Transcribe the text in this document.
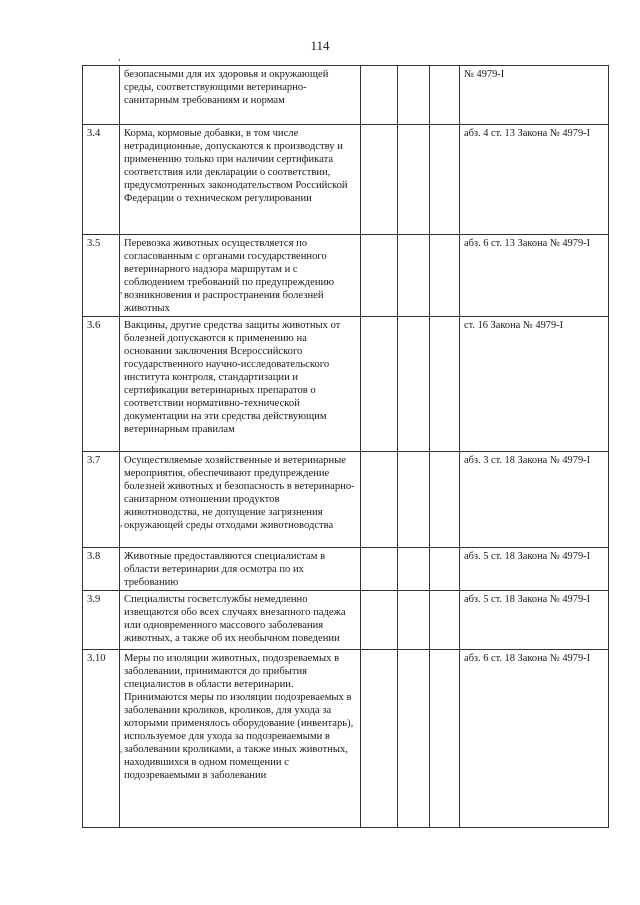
114
,
,
,
,

	безопасными для их здоровья и окружающей среды, соответствующими ветеринарно-санитарным требованиям и нормам				№ 4979-I
3.4	Корма, кормовые добавки, в том числе нетрадиционные, допускаются к производству и применению только при наличии сертификата соответствия или декларации о соответствии, предусмотренных законодательством Российской Федерации о техническом регулировании				абз. 4 ст. 13 Закона № 4979-I
3.5	Перевозка животных осуществляется по согласованным с органами государственного ветеринарного надзора маршрутам и с соблюдением требований по предупреждению возникновения и распространения болезней животных				абз. 6 ст. 13 Закона № 4979-I
3.6	Вакцины, другие средства защиты животных от болезней допускаются к применению на основании заключения Всероссийского государственного научно-исследовательского института контроля, стандартизации и сертификации ветеринарных препаратов о соответствии нормативно-технической документации на эти средства действующим ветеринарным правилам				ст. 16 Закона № 4979-I
3.7	Осуществляемые хозяйственные и ветеринарные мероприятия, обеспечивают предупреждение болезней животных и безопасность в ветеринарно-санитарном отношении продуктов животноводства, не допущение загрязнения окружающей среды отходами животноводства				абз. 3 ст. 18 Закона № 4979-I
3.8	Животные предоставляются специалистам в области ветеринарии для осмотра по их требованию				абз. 5 ст. 18 Закона № 4979-I
3.9	Специалисты госветслужбы немедленно извещаются обо всех случаях внезапного падежа или одновременного массового заболевания животных, а также об их необычном поведении				абз. 5 ст. 18 Закона № 4979-I
3.10	Меры по изоляции животных, подозреваемых в заболевании, принимаются до прибытия специалистов в области ветеринарии.
Принимаются меры по изоляции подозреваемых в заболевании кроликов, кроликов, для ухода за которыми применялось оборудование (инвентарь), используемое для ухода за подозреваемыми в заболевании кроликами, а также иных животных, находившихся в одном помещении с подозреваемыми в заболевании				абз. 6 ст. 18 Закона № 4979-I
